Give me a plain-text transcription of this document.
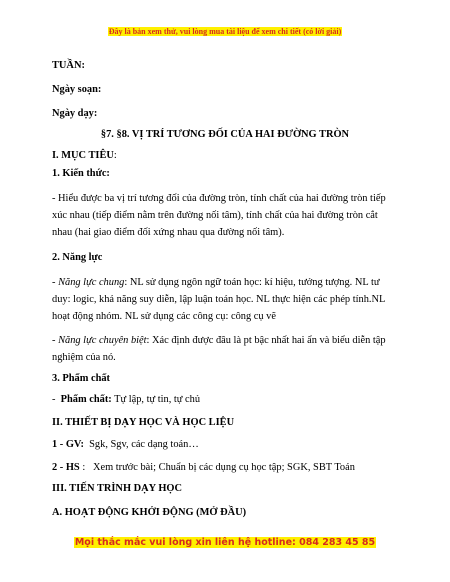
Đây là bản xem thử, vui lòng mua tài liệu để xem chi tiết (có lời giải)
TUẦN:
Ngày soạn:
Ngày dạy:
§7. §8. VỊ TRÍ TƯƠNG ĐỐI CỦA HAI ĐƯỜNG TRÒN
I. MỤC TIÊU:
1. Kiến thức:
- Hiểu được ba vị trí tương đối của đường tròn, tính chất của hai đường tròn tiếp xúc nhau (tiếp điểm nằm trên đường nối tâm), tính chất của hai đường tròn cắt nhau (hai giao điểm đối xứng nhau qua đường nối tâm).
2. Năng lực
- Năng lực chung: NL sử dụng ngôn ngữ toán học: kí hiệu, tưởng tượng. NL tư duy: logic, khả năng suy diễn, lập luận toán học. NL thực hiện các phép tính.NL hoạt động nhóm. NL sử dụng các công cụ: công cụ vẽ
- Năng lực chuyên biệt: Xác định được đâu là pt bậc nhất hai ẩn và biểu diễn tập nghiệm của nó.
3. Phẩm chất
-  Phẩm chất: Tự lập, tự tin, tự chủ
II. THIẾT BỊ DẠY HỌC VÀ HỌC LIỆU
1 - GV:  Sgk, Sgv, các dạng toán…
2 - HS :   Xem trước bài; Chuẩn bị các dụng cụ học tập; SGK, SBT Toán
III. TIẾN TRÌNH DẠY HỌC
A. HOẠT ĐỘNG KHỞI ĐỘNG (MỞ ĐẦU)
Mọi thắc mắc vui lòng xin liên hệ hotline: 084 283 45 85
